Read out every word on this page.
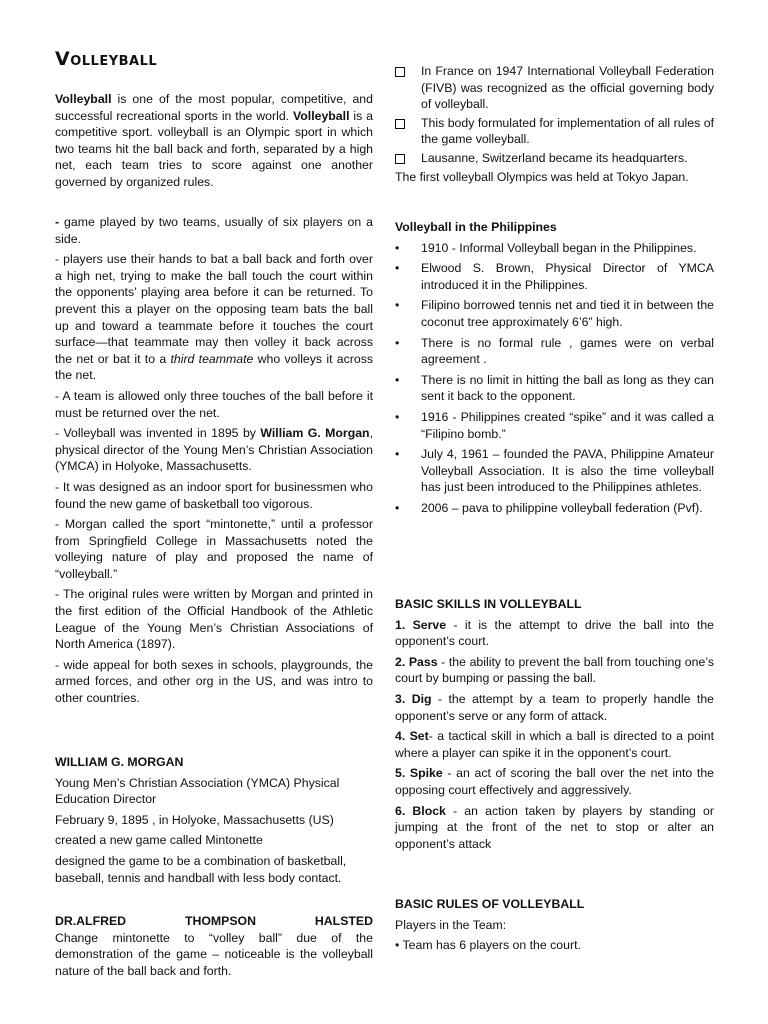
Volleyball

Volleyball is one of the most popular, competitive, and successful recreational sports in the world. Volleyball is a competitive sport. volleyball is an Olympic sport in which two teams hit the ball back and forth, separated by a high net, each team tries to score against one another governed by organized rules.

- game played by two teams, usually of six players on a side.

- players use their hands to bat a ball back and forth over a high net, trying to make the ball touch the court within the opponents’ playing area before it can be returned. To prevent this a player on the opposing team bats the ball up and toward a teammate before it touches the court surface—that teammate may then volley it back across the net or bat it to a third teammate who volleys it across the net.

- A team is allowed only three touches of the ball before it must be returned over the net.

- Volleyball was invented in 1895 by William G. Morgan, physical director of the Young Men’s Christian Association (YMCA) in Holyoke, Massachusetts.

- It was designed as an indoor sport for businessmen who found the new game of basketball too vigorous.

- Morgan called the sport “mintonette,” until a professor from Springfield College in Massachusetts noted the volleying nature of play and proposed the name of “volleyball.”

- The original rules were written by Morgan and printed in the first edition of the Official Handbook of the Athletic League of the Young Men’s Christian Associations of North America (1897).

- wide appeal for both sexes in schools, playgrounds, the armed forces, and other org in the US, and was intro to other countries.

WILLIAM G. MORGAN

Young Men’s Christian Association (YMCA) Physical Education Director

February 9, 1895 , in Holyoke, Massachusetts (US)

created a new game called Mintonette

designed the game to be a combination of basketball, baseball, tennis and handball with less body contact.

DR.ALFRED	THOMPSON	HALSTED

Change mintonette to “volley ball” due of the demonstration of the game – noticeable is the volleyball nature of the ball back and forth.

In France on 1947 International Volleyball Federation (FIVB) was recognized as the official governing body of volleyball.

This body formulated for implementation of all rules of the game volleyball.

Lausanne, Switzerland became its headquarters.

The first volleyball Olympics was held at Tokyo Japan.

Volleyball in the Philippines

• 1910 - Informal Volleyball began in the Philippines.

• Elwood S. Brown, Physical Director of YMCA introduced it in the Philippines.

• Filipino borrowed tennis net and tied it in between the coconut tree approximately 6’6” high.

• There is no formal rule , games were on verbal agreement .

• There is no limit in hitting the ball as long as they can sent it back to the opponent.

• 1916 - Philippines created “spike” and it was called a “Filipino bomb.”

• July 4, 1961 – founded the PAVA, Philippine Amateur Volleyball Association. It is also the time volleyball has just been introduced to the Philippines athletes.

• 2006 – pava to philippine volleyball federation (Pvf).

BASIC SKILLS IN VOLLEYBALL

1. Serve - it is the attempt to drive the ball into the opponent’s court.

2. Pass - the ability to prevent the ball from touching one’s court by bumping or passing the ball.

3. Dig - the attempt by a team to properly handle the opponent’s serve or any form of attack.

4. Set- a tactical skill in which a ball is directed to a point where a player can spike it in the opponent’s court.

5. Spike - an act of scoring the ball over the net into the opposing court effectively and aggressively.

6. Block - an action taken by players by standing or jumping at the front of the net to stop or alter an opponent’s attack

BASIC RULES OF VOLLEYBALL

Players in the Team:

• Team has 6 players on the court.
